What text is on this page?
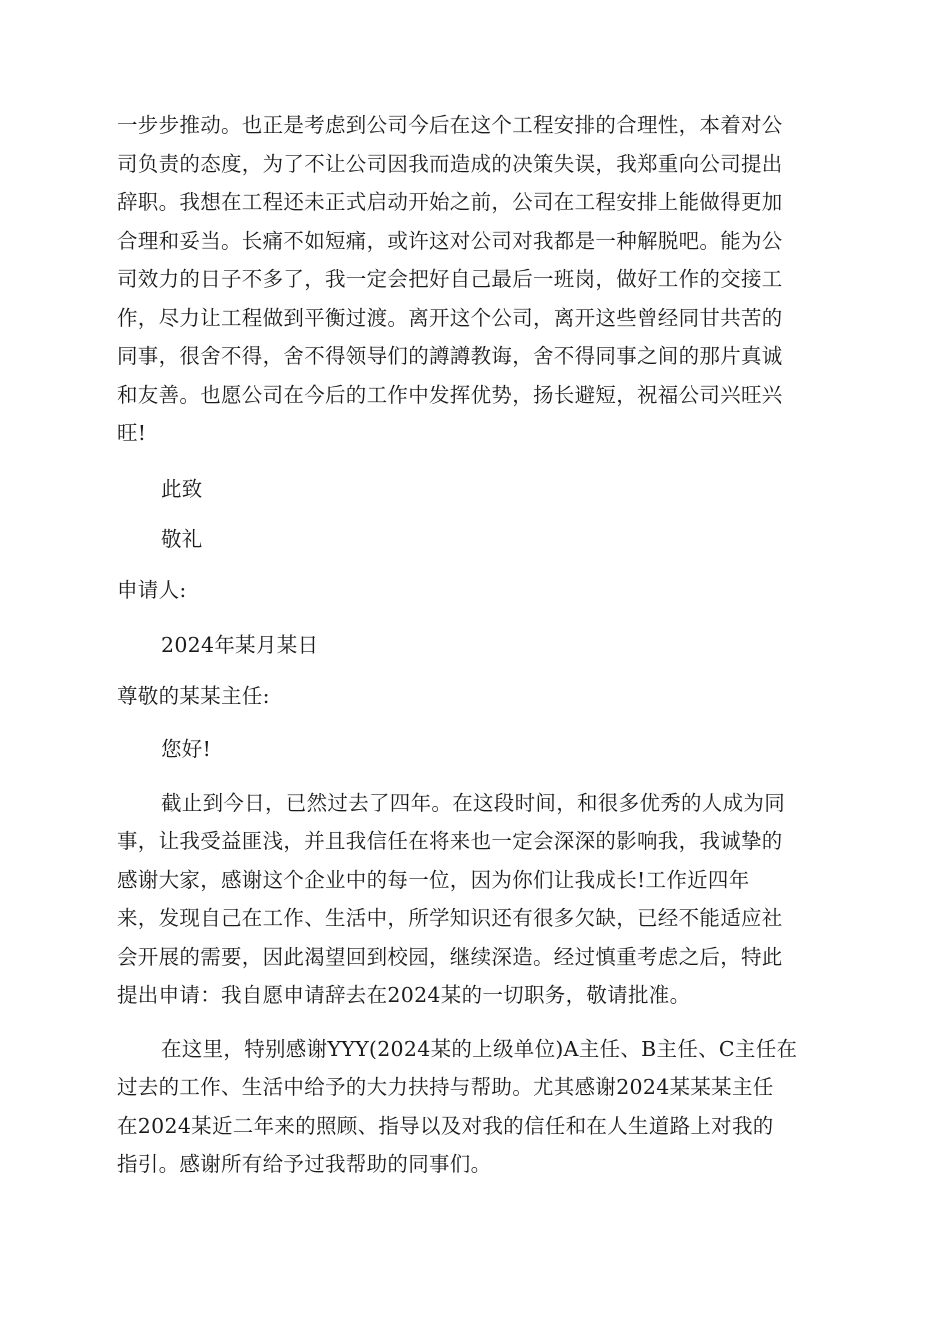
一步步推动。也正是考虑到公司今后在这个工程安排的合理性，本着对公
司负责的态度，为了不让公司因我而造成的决策失误，我郑重向公司提出
辞职。我想在工程还未正式启动开始之前，公司在工程安排上能做得更加
合理和妥当。长痛不如短痛，或许这对公司对我都是一种解脱吧。能为公
司效力的日子不多了，我一定会把好自己最后一班岗，做好工作的交接工
作，尽力让工程做到平衡过渡。离开这个公司，离开这些曾经同甘共苦的
同事，很舍不得，舍不得领导们的譐譐教诲，舍不得同事之间的那片真诚
和友善。也愿公司在今后的工作中发挥优势，扬长避短，祝福公司兴旺兴
旺!

此致

敬礼

申请人:

2024年某月某日

尊敬的某某主任:

您好!

截止到今日，已然过去了四年。在这段时间，和很多优秀的人成为同
事，让我受益匪浅，并且我信任在将来也一定会深深的影响我，我诚挚的
感谢大家，感谢这个企业中的每一位，因为你们让我成长!工作近四年
来，发现自己在工作、生活中，所学知识还有很多欠缺，已经不能适应社
会开展的需要，因此渴望回到校园，继续深造。经过慎重考虑之后，特此
提出申请：我自愿申请辞去在2024某的一切职务，敬请批准。

在这里，特别感谢YYY(2024某的上级单位)A主任、B主任、C主任在
过去的工作、生活中给予的大力扶持与帮助。尤其感谢2024某某某主任
在2024某近二年来的照顾、指导以及对我的信任和在人生道路上对我的
指引。感谢所有给予过我帮助的同事们。
